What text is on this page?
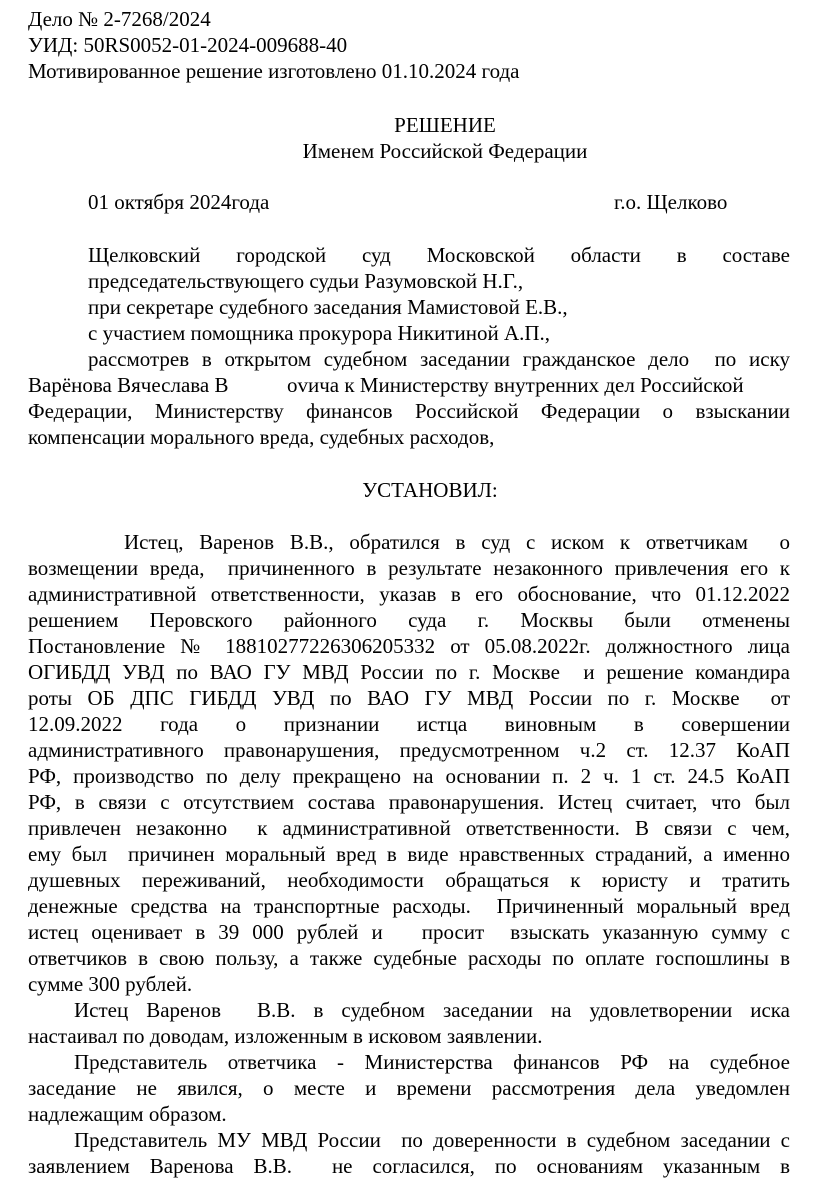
Дело № 2-7268/2024
УИД: 50RS0052-01-2024-009688-40
Мотивированное решение изготовлено 01.10.2024 года
РЕШЕНИЕ
Именем Российской Федерации
01 октября 2024года	г.о. Щелково
Щелковский   городской   суд   Московской   области   в   составе
председательствующего судьи Разумовской Н.Г.,
при секретаре судебного заседания Мамистовой Е.В.,
с участием помощника прокурора Никитиной А.П.,
рассмотрев в открытом судебном заседании гражданское дело  по иску
Варёнова Вячеслава В	ovича к Министерству внутренних дел Российской
Федерации, Министерству финансов Российской Федерации о взыскании
компенсации морального вреда, судебных расходов,
УСТАНОВИЛ:
Истец, Варенов В.В., обратился в суд с иском к ответчикам  о
возмещении вреда,  причиненного в результате незаконного привлечения его к
административной ответственности, указав в его обоснование, что 01.12.2022
решением  Перовского  районного  суда  г.  Москвы  были  отменены
Постановление № 18810277226306205332 от 05.08.2022г. должностного лица
ОГИБДД УВД по ВАО ГУ МВД России по г. Москве  и решение командира
роты ОБ ДПС ГИБДД УВД по ВАО ГУ МВД России по г. Москве  от
12.09.2022  года  о  признании  истца  виновным  в  совершении
административного правонарушения, предусмотренном ч.2 ст. 12.37 КоАП
РФ, производство по делу прекращено на основании п. 2 ч. 1 ст. 24.5 КоАП
РФ, в связи с отсутствием состава правонарушения. Истец считает, что был
привлечен незаконно  к административной ответственности. В связи с чем,
ему был  причинен моральный вред в виде нравственных страданий, а именно
душевных переживаний, необходимости обращаться к юристу и тратить
денежные средства на транспортные расходы.  Причиненный моральный вред
истец оценивает в 39 000 рублей и   просит  взыскать указанную сумму с
ответчиков в свою пользу, а также судебные расходы по оплате госпошлины в
сумме 300 рублей.
Истец Варенов  В.В. в судебном заседании на удовлетворении иска
настаивал по доводам, изложенным в исковом заявлении.
Представитель ответчика - Министерства финансов РФ на судебное
заседание не явился, о месте и времени рассмотрения дела уведомлен
надлежащим образом.
Представитель МУ МВД России  по доверенности в судебном заседании с
заявлением Варенова В.В.  не согласился, по основаниям указанным в
